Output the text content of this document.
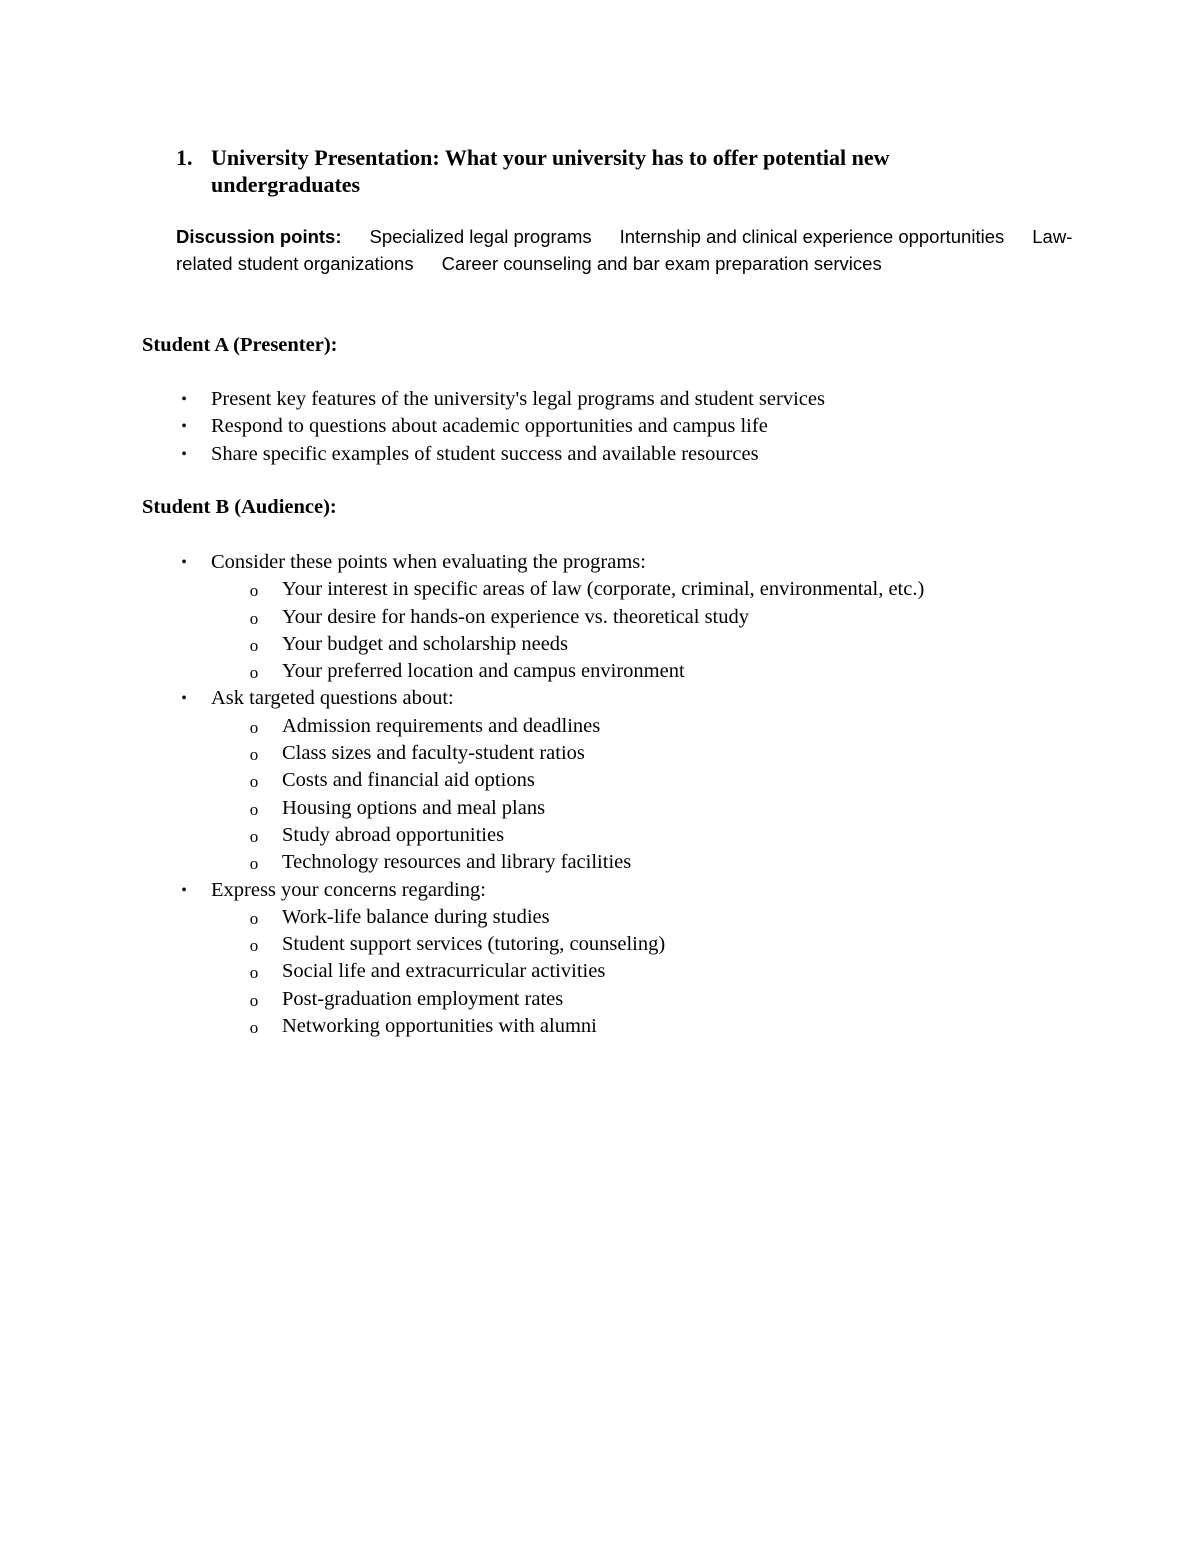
1. University Presentation: What your university has to offer potential new undergraduates
Discussion points: Specialized legal programs Internship and clinical experience opportunities Law-related student organizations Career counseling and bar exam preparation services
Student A (Presenter):
• Present key features of the university's legal programs and student services
• Respond to questions about academic opportunities and campus life
• Share specific examples of student success and available resources
Student B (Audience):
• Consider these points when evaluating the programs:
o Your interest in specific areas of law (corporate, criminal, environmental, etc.)
o Your desire for hands-on experience vs. theoretical study
o Your budget and scholarship needs
o Your preferred location and campus environment
• Ask targeted questions about:
o Admission requirements and deadlines
o Class sizes and faculty-student ratios
o Costs and financial aid options
o Housing options and meal plans
o Study abroad opportunities
o Technology resources and library facilities
• Express your concerns regarding:
o Work-life balance during studies
o Student support services (tutoring, counseling)
o Social life and extracurricular activities
o Post-graduation employment rates
o Networking opportunities with alumni
